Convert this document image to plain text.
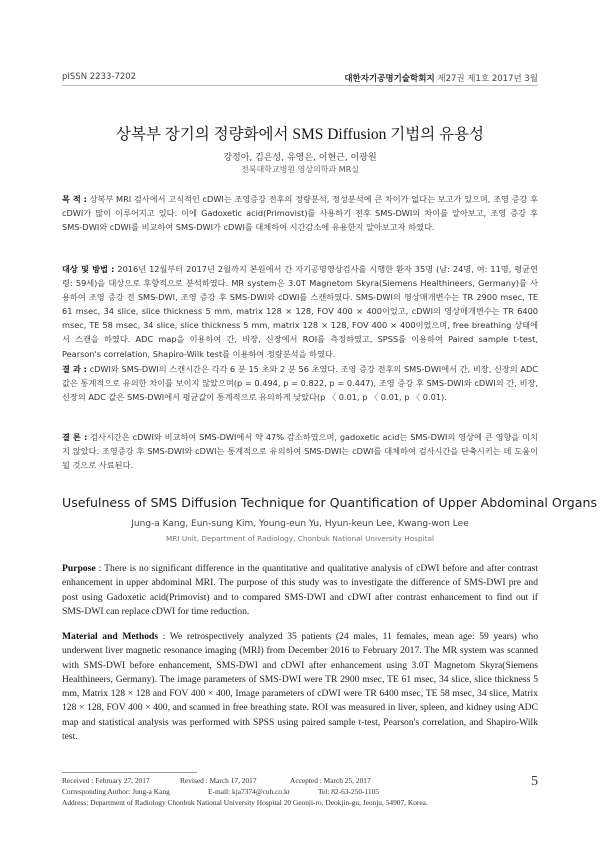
pISSN 2233-7202	대한자기공명기술학회지 제27권 제1호 2017년 3월
상복부 장기의 정량화에서 SMS Diffusion 기법의 유용성
강정아, 김은성, 유영은, 이현근, 이광원
전북대학교병원 영상의학과 MR실

목 적 : 상복부 MRI 검사에서 고식적인 cDWI는 조영증강 전후의 정량분석, 정성분석에 큰 차이가 없다는 보고가 있으며, 조영 증강 후 cDWI가 많이 이루어지고 있다. 이에 Gadoxetic acid(Primovist)를 사용하기 전후 SMS-DWI의 차이를 알아보고, 조영 증강 후 SMS-DWI와 cDWI를 비교하여 SMS-DWI가 cDWI를 대체하여 시간감소에 유용한지 알아보고자 하였다.

대상 및 방법 : 2016년 12월부터 2017년 2월까지 본원에서 간 자기공명영상검사를 시행한 환자 35명 (남: 24명, 여: 11명, 평균연령: 59세)을 대상으로 후향적으로 분석하였다. MR system은 3.0T Magnetom Skyra(Siemens Healthineers, Germany)를 사용하여 조영 증강 전 SMS-DWI, 조영 증강 후 SMS-DWI와 cDWI를 스캔하였다. SMS-DWI의 영상매개변수는 TR 2900 msec, TE 61 msec, 34 slice, slice thickness 5 mm, matrix 128 × 128, FOV 400 × 400이었고, cDWI의 영상매개변수는 TR 6400 msec, TE 58 msec, 34 slice, slice thickness 5 mm, matrix 128 × 128, FOV 400 × 400이었으며, free breathing 상태에서 스캔을 하였다. ADC map을 이용하여 간, 비장, 신장에서 ROI를 측정하였고, SPSS를 이용하여 Paired sample t-test, Pearson's correlation, Shapiro-Wilk test를 이용하여 정량분석을 하였다.

결 과 : cDWI와 SMS-DWI의 스캔시간은 각각 6 분 15 초와 2 분 56 초였다. 조영 증강 전후의 SMS-DWI에서 간, 비장, 신장의 ADC 값은 통계적으로 유의한 차이를 보이지 않았으며(p = 0.494, p = 0.822, p = 0.447), 조영 증강 후 SMS-DWI와 cDWI의 간, 비장, 신장의 ADC 값은 SMS-DWI에서 평균값이 통계적으로 유의하게 낮았다(p 〈 0.01, p 〈 0.01, p 〈 0.01).

결 론 : 검사시간은 cDWI와 비교하여 SMS-DWI에서 약 47% 감소하였으며, gadoxetic acid는 SMS-DWI의 영상에 큰 영향을 미치지 않았다. 조영증강 후 SMS-DWI와 cDWI는 통계적으로 유의하여 SMS-DWI는 cDWI를 대체하여 검사시간을 단축시키는 데 도움이 될 것으로 사료된다.

Usefulness of SMS Diffusion Technique for Quantification of Upper Abdominal Organs
Jung-a Kang, Eun-sung Kim, Young-eun Yu, Hyun-keun Lee, Kwang-won Lee
MRI Unit, Department of Radiology, Chonbuk National University Hospital

Purpose : There is no significant difference in the quantitative and qualitative analysis of cDWI before and after contrast enhancement in upper abdominal MRI. The purpose of this study was to investigate the difference of SMS-DWI pre and post using Gadoxetic acid(Primovist) and to compared SMS-DWI and cDWI after contrast enhancement to find out if SMS-DWI can replace cDWI for time reduction.

Material and Methods : We retrospectively analyzed 35 patients (24 males, 11 females, mean age: 59 years) who underwent liver magnetic resonance imaging (MRI) from December 2016 to February 2017. The MR system was scanned with SMS-DWI before enhancement, SMS-DWI and cDWI after enhancement using 3.0T Magnetom Skyra(Siemens Healthineers, Germany). The image parameters of SMS-DWI were TR 2900 msec, TE 61 msec, 34 slice, slice thickness 5 mm, Matrix 128 × 128 and FOV 400 × 400, Image parameters of cDWI were TR 6400 msec, TE 58 msec, 34 slice, Matrix 128 × 128, FOV 400 × 400, and scanned in free breathing state. ROI was measured in liver, spleen, and kidney using ADC map and statistical analysis was performed with SPSS using paired sample t-test, Pearson's correlation, and Shapiro-Wilk test.

Received : February 27, 2017	Revised : March 17, 2017	Accepted : March 25, 2017
Corresponding Author: Jung-a Kang	E-mail: kja7374@cuh.co.kr	Tel: 82-63-250-1105
Address: Department of Radiology Chonbuk National University Hospital 20 Geonji-ro, Deokjin-gu, Jeonju, 54907, Korea.
5
